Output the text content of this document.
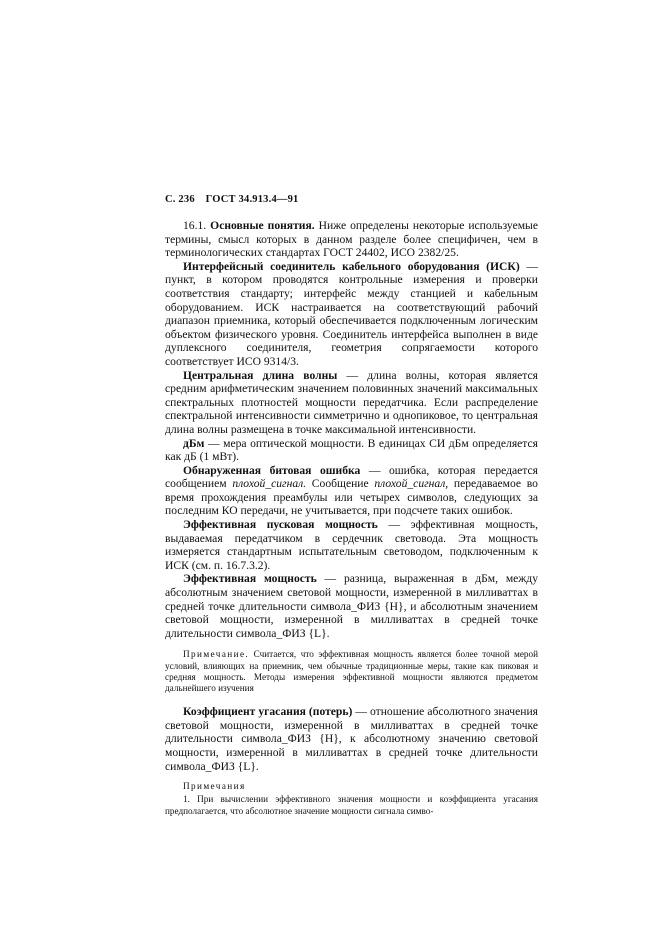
С. 236 ГОСТ 34.913.4—91

16.1. Основные понятия. Ниже определены некоторые используемые термины, смысл которых в данном разделе более специфичен, чем в терминологических стандартах ГОСТ 24402, ИСО 2382/25.

Интерфейсный соединитель кабельного оборудования (ИСК) — пункт, в котором проводятся контрольные измерения и проверки соответствия стандарту; интерфейс между станцией и кабельным оборудованием. ИСК настраивается на соответствующий рабочий диапазон приемника, который обеспечивается подключенным логическим объектом физического уровня. Соединитель интерфейса выполнен в виде дуплексного соединителя, геометрия сопрягаемости которого соответствует ИСО 9314/3.

Центральная длина волны — длина волны, которая является средним арифметическим значением половинных значений максимальных спектральных плотностей мощности передатчика. Если распределение спектральной интенсивности симметрично и однопиковое, то центральная длина волны размещена в точке максимальной интенсивности.

дБм — мера оптической мощности. В единицах СИ дБм определяется как дБ (1 мВт).

Обнаруженная битовая ошибка — ошибка, которая передается сообщением плохой_сигнал. Сообщение плохой_сигнал, передаваемое во время прохождения преамбулы или четырех символов, следующих за последним КО передачи, не учитывается, при подсчете таких ошибок.

Эффективная пусковая мощность — эффективная мощность, выдаваемая передатчиком в сердечник световода. Эта мощность измеряется стандартным испытательным световодом, подключенным к ИСК (см. п. 16.7.3.2).

Эффективная мощность — разница, выраженная в дБм, между абсолютным значением световой мощности, измеренной в милливаттах в средней точке длительности символа_ФИЗ {H}, и абсолютным значением световой мощности, измеренной в милливаттах в средней точке длительности символа_ФИЗ {L}.

Примечание. Считается, что эффективная мощность является более точной мерой условий, влияющих на приемник, чем обычные традиционные меры, такие как пиковая и средняя мощность. Методы измерения эффективной мощности являются предметом дальнейшего изучения

Коэффициент угасания (потерь) — отношение абсолютного значения световой мощности, измеренной в милливаттах в средней точке длительности символа_ФИЗ {H}, к абсолютному значению световой мощности, измеренной в милливаттах в средней точке длительности символа_ФИЗ {L}.

Примечания

1. При вычислении эффективного значения мощности и коэффициента угасания предполагается, что абсолютное значение мощности сигнала симво-
